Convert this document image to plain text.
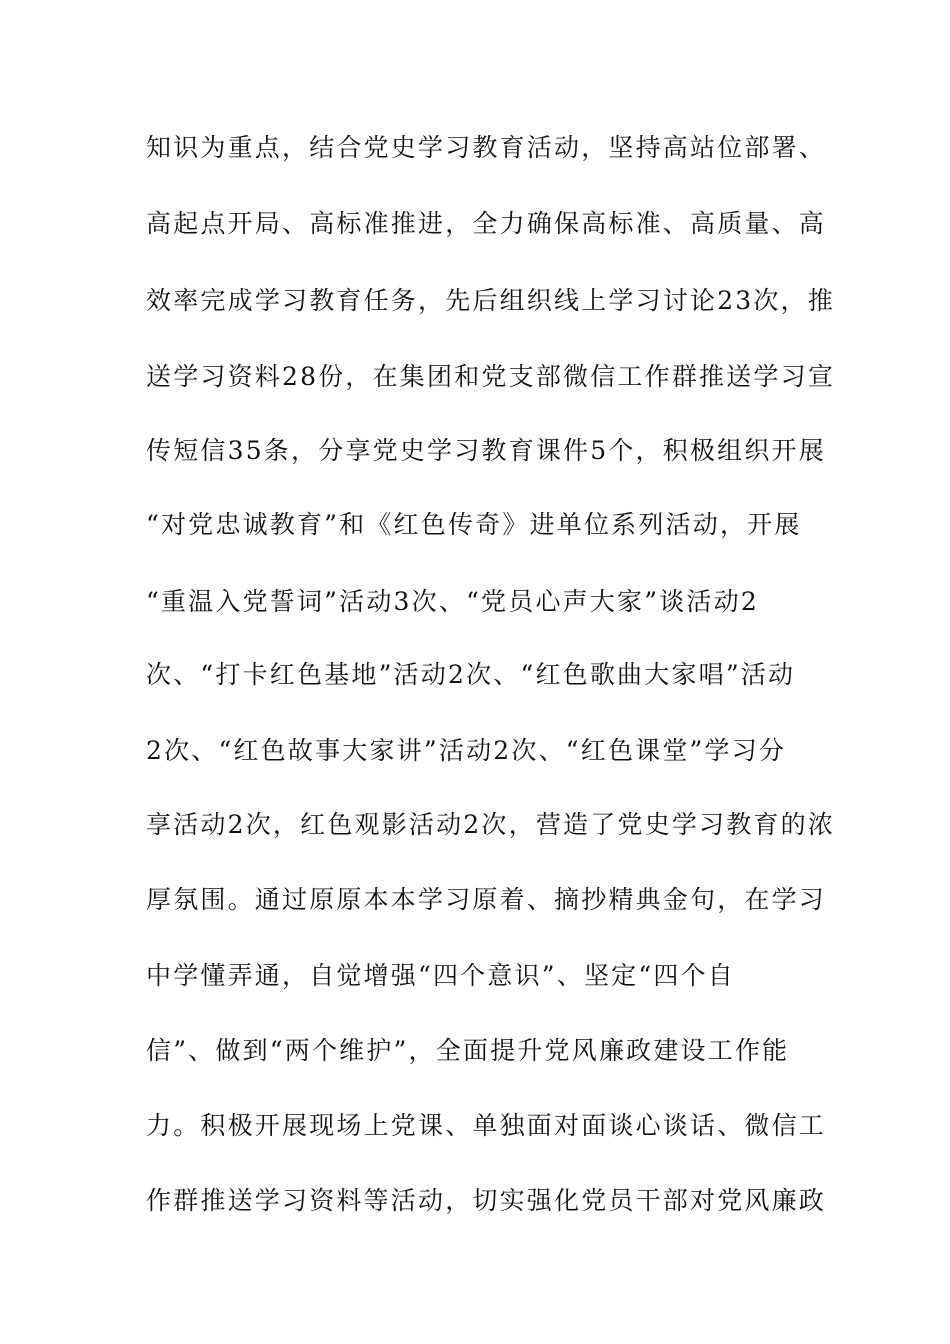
知识为重点，结合党史学习教育活动，坚持高站位部署、
高起点开局、高标准推进，全力确保高标准、高质量、高
效率完成学习教育任务，先后组织线上学习讨论23次，推
送学习资料28份，在集团和党支部微信工作群推送学习宣
传短信35条，分享党史学习教育课件5个，积极组织开展
“对党忠诚教育”和《红色传奇》进单位系列活动，开展
“重温入党誓词”活动3次、“党员心声大家”谈活动2
次、“打卡红色基地”活动2次、“红色歌曲大家唱”活动
2次、“红色故事大家讲”活动2次、“红色课堂”学习分
享活动2次，红色观影活动2次，营造了党史学习教育的浓
厚氛围。通过原原本本学习原着、摘抄精典金句，在学习
中学懂弄通，自觉增强“四个意识”、坚定“四个自
信”、做到“两个维护”，全面提升党风廉政建设工作能
力。积极开展现场上党课、单独面对面谈心谈话、微信工
作群推送学习资料等活动，切实强化党员干部对党风廉政
